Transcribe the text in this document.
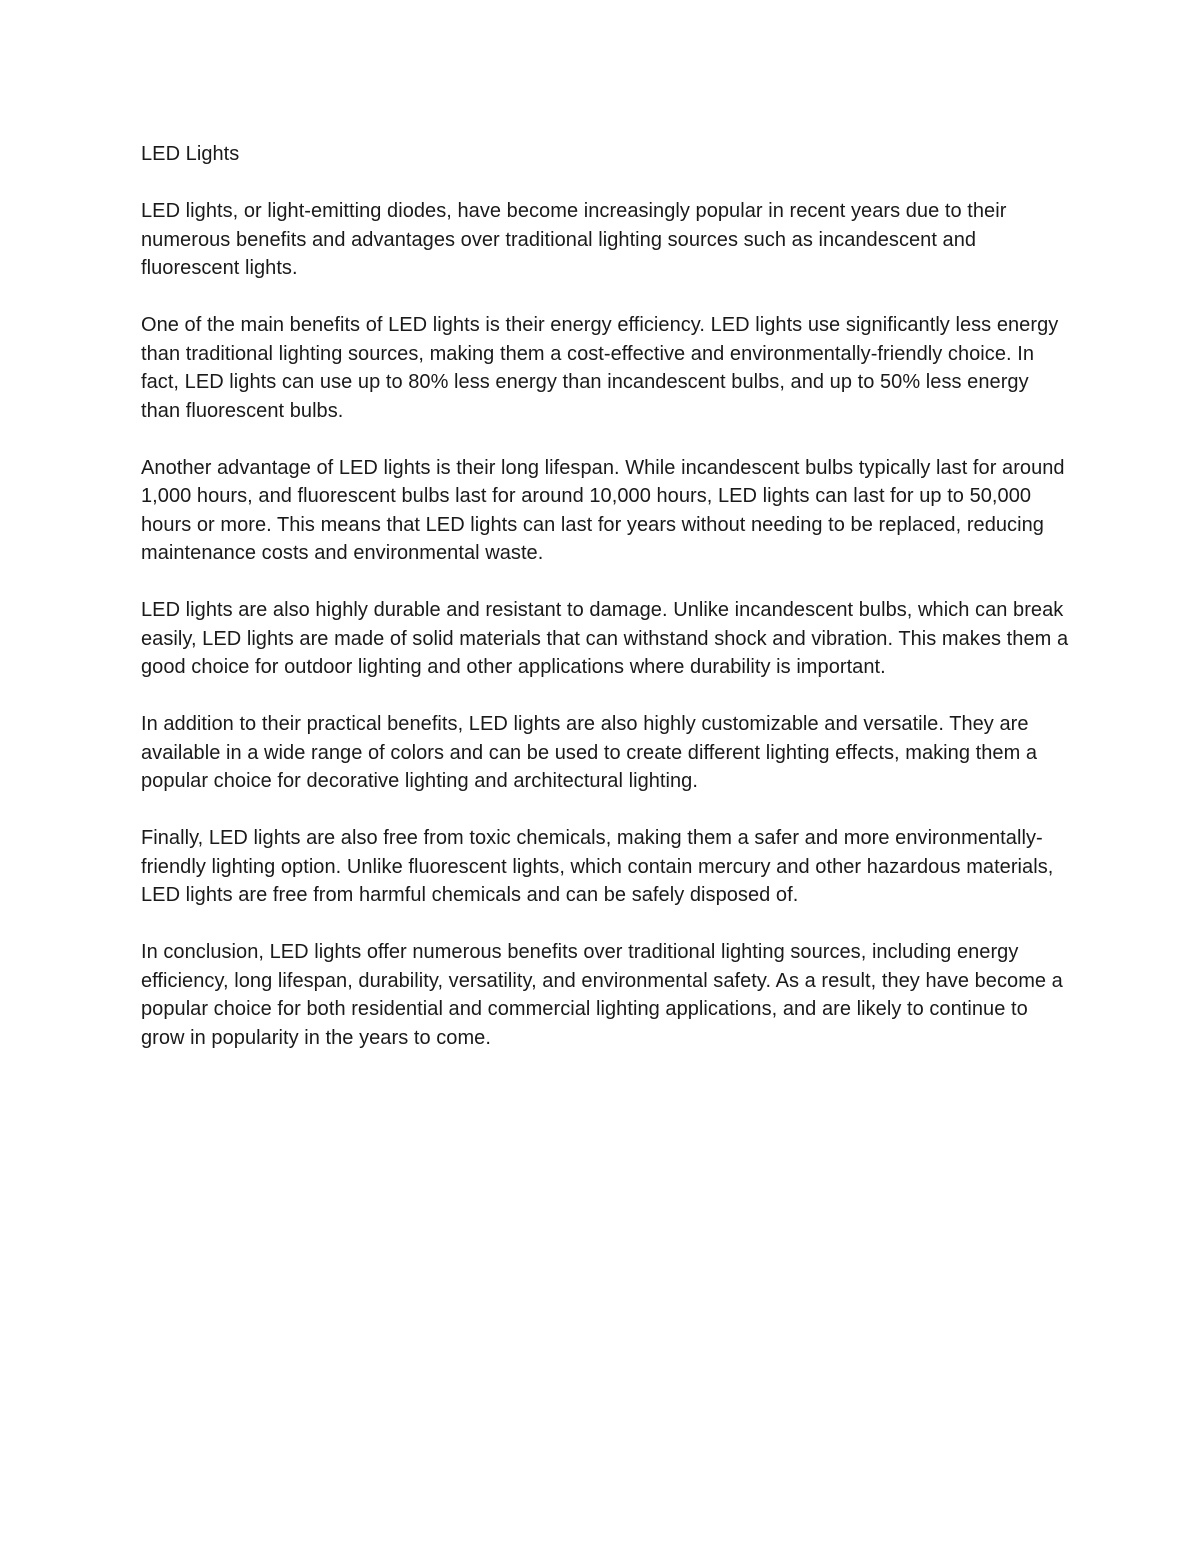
LED Lights

LED lights, or light-emitting diodes, have become increasingly popular in recent years due to their numerous benefits and advantages over traditional lighting sources such as incandescent and fluorescent lights.

One of the main benefits of LED lights is their energy efficiency. LED lights use significantly less energy than traditional lighting sources, making them a cost-effective and environmentally-friendly choice. In fact, LED lights can use up to 80% less energy than incandescent bulbs, and up to 50% less energy than fluorescent bulbs.

Another advantage of LED lights is their long lifespan. While incandescent bulbs typically last for around 1,000 hours, and fluorescent bulbs last for around 10,000 hours, LED lights can last for up to 50,000 hours or more. This means that LED lights can last for years without needing to be replaced, reducing maintenance costs and environmental waste.

LED lights are also highly durable and resistant to damage. Unlike incandescent bulbs, which can break easily, LED lights are made of solid materials that can withstand shock and vibration. This makes them a good choice for outdoor lighting and other applications where durability is important.

In addition to their practical benefits, LED lights are also highly customizable and versatile. They are available in a wide range of colors and can be used to create different lighting effects, making them a popular choice for decorative lighting and architectural lighting.

Finally, LED lights are also free from toxic chemicals, making them a safer and more environmentally-friendly lighting option. Unlike fluorescent lights, which contain mercury and other hazardous materials, LED lights are free from harmful chemicals and can be safely disposed of.

In conclusion, LED lights offer numerous benefits over traditional lighting sources, including energy efficiency, long lifespan, durability, versatility, and environmental safety. As a result, they have become a popular choice for both residential and commercial lighting applications, and are likely to continue to grow in popularity in the years to come.
